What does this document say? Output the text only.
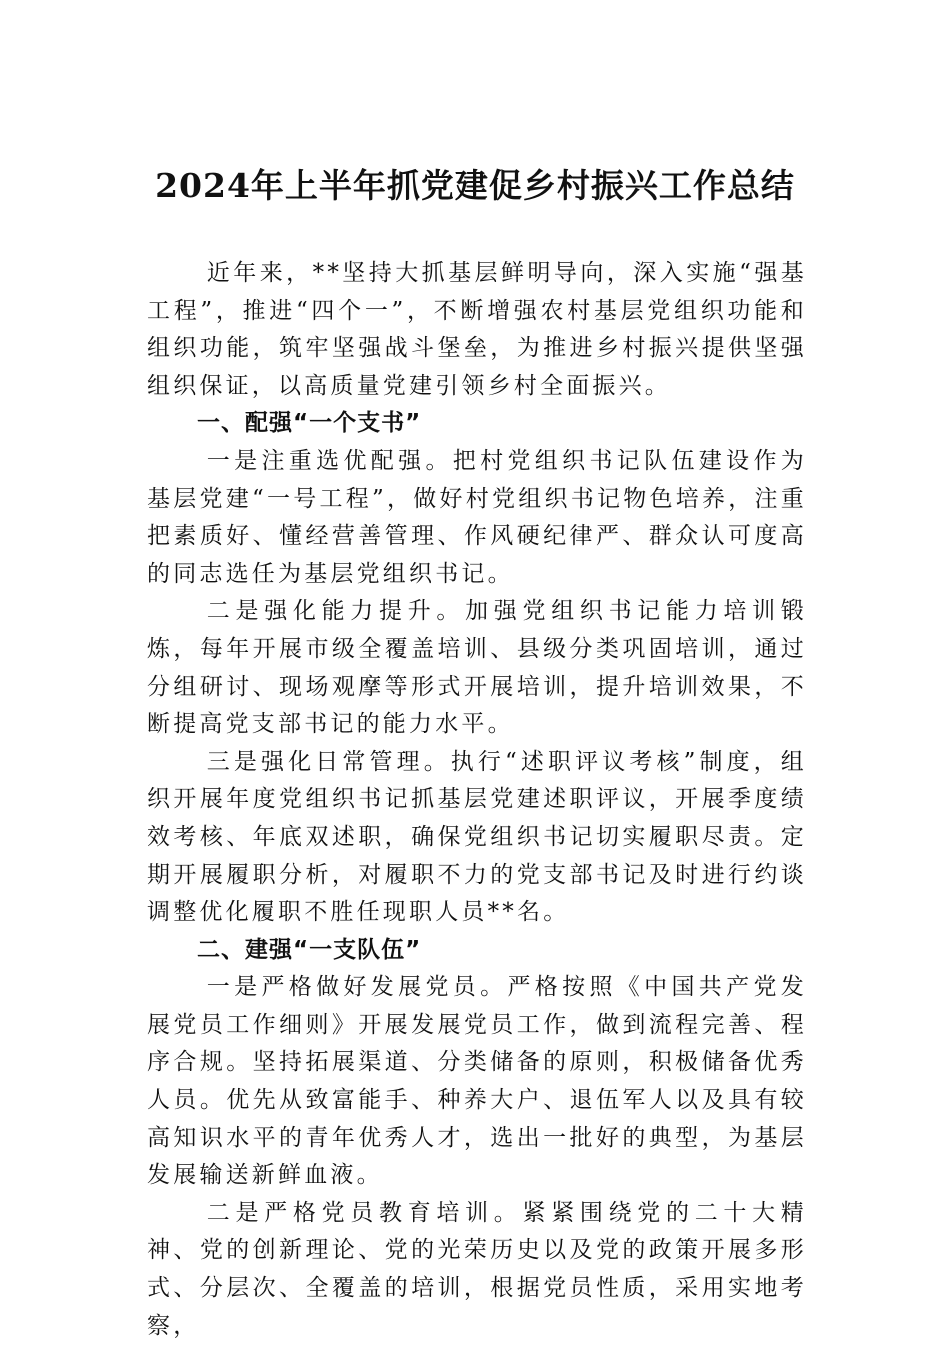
2024年上半年抓党建促乡村振兴工作总结

近年来，**坚持大抓基层鲜明导向，深入实施“强基工程”，推进“四个一”，不断增强农村基层党组织功能和组织功能，筑牢坚强战斗堡垒，为推进乡村振兴提供坚强组织保证，以高质量党建引领乡村全面振兴。

一、配强“一个支书”

一是注重选优配强。把村党组织书记队伍建设作为基层党建“一号工程”，做好村党组织书记物色培养，注重把素质好、懂经营善管理、作风硬纪律严、群众认可度高的同志选任为基层党组织书记。

二是强化能力提升。加强党组织书记能力培训锻炼，每年开展市级全覆盖培训、县级分类巩固培训，通过分组研讨、现场观摩等形式开展培训，提升培训效果，不断提高党支部书记的能力水平。

三是强化日常管理。执行“述职评议考核”制度，组织开展年度党组织书记抓基层党建述职评议，开展季度绩效考核、年底双述职，确保党组织书记切实履职尽责。定期开展履职分析，对履职不力的党支部书记及时进行约谈调整优化履职不胜任现职人员**名。

二、建强“一支队伍”

一是严格做好发展党员。严格按照《中国共产党发展党员工作细则》开展发展党员工作，做到流程完善、程序合规。坚持拓展渠道、分类储备的原则，积极储备优秀人员。优先从致富能手、种养大户、退伍军人以及具有较高知识水平的青年优秀人才，选出一批好的典型，为基层发展输送新鲜血液。

二是严格党员教育培训。紧紧围绕党的二十大精神、党的创新理论、党的光荣历史以及党的政策开展多形式、分层次、全覆盖的培训，根据党员性质，采用实地考察，
